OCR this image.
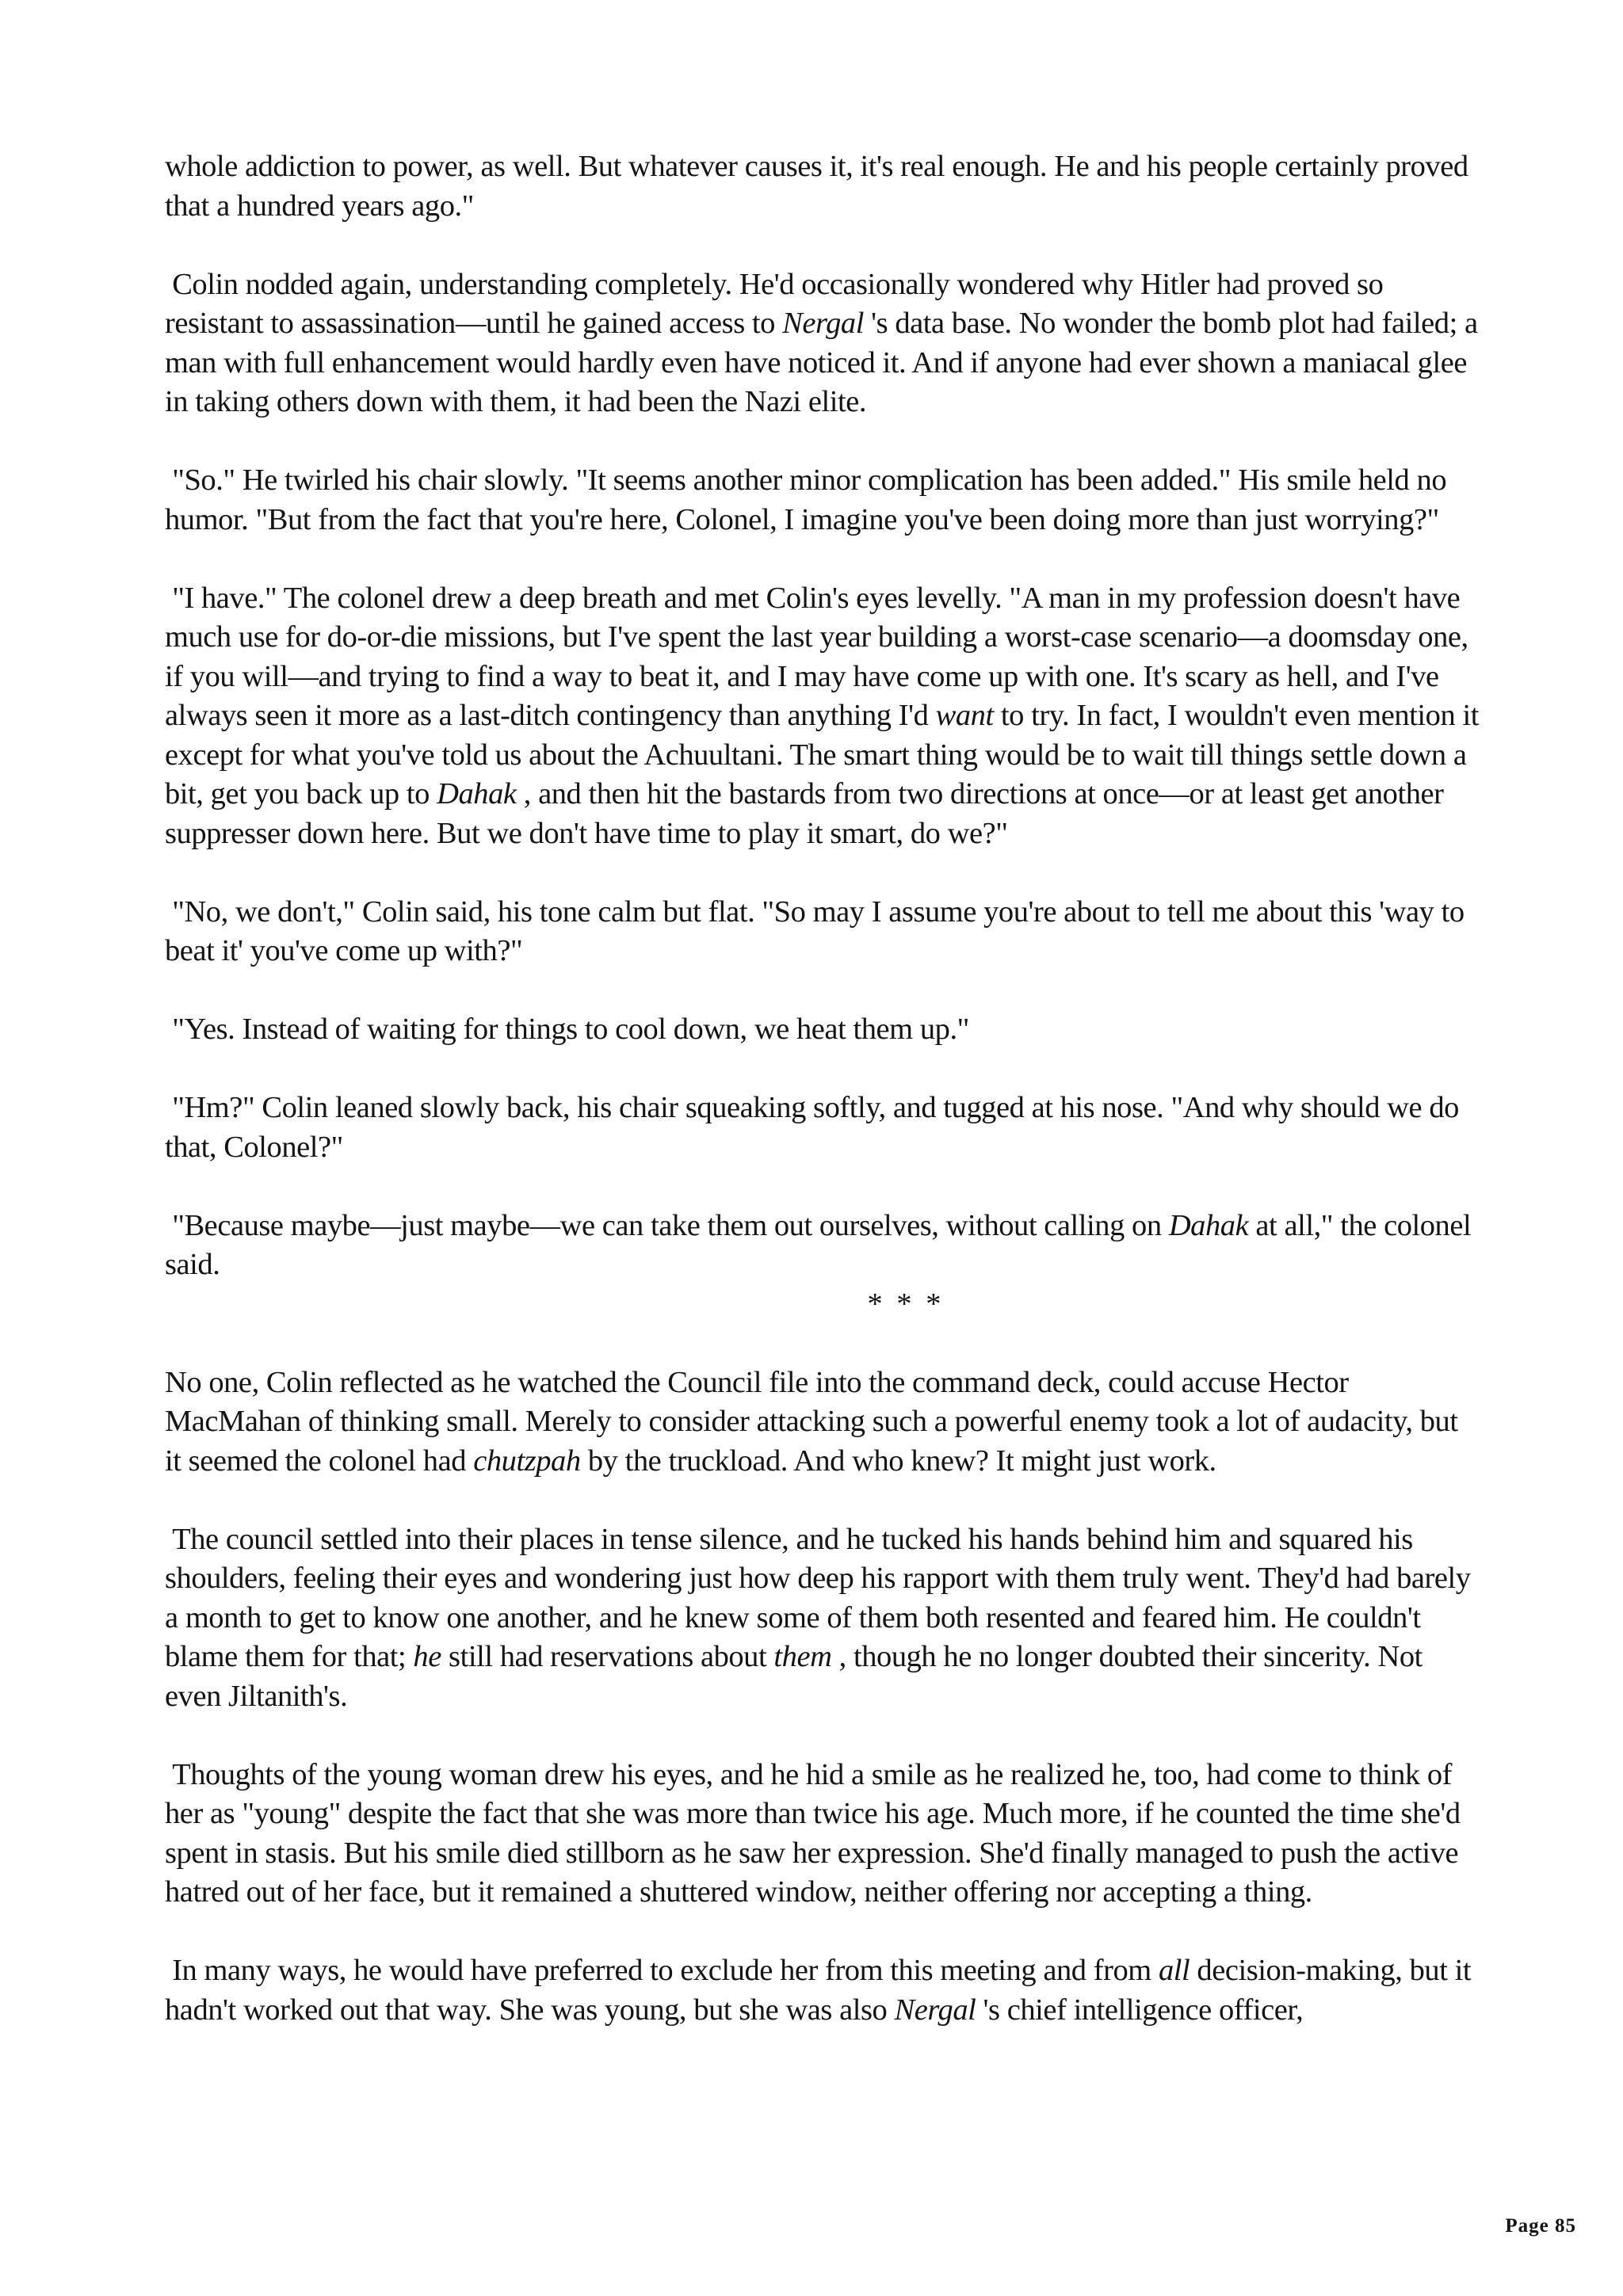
whole addiction to power, as well. But whatever causes it, it's real enough. He and his people certainly proved that a hundred years ago."

Colin nodded again, understanding completely. He'd occasionally wondered why Hitler had proved so resistant to assassination—until he gained access to Nergal 's data base. No wonder the bomb plot had failed; a man with full enhancement would hardly even have noticed it. And if anyone had ever shown a maniacal glee in taking others down with them, it had been the Nazi elite.

"So." He twirled his chair slowly. "It seems another minor complication has been added." His smile held no humor. "But from the fact that you're here, Colonel, I imagine you've been doing more than just worrying?"

"I have." The colonel drew a deep breath and met Colin's eyes levelly. "A man in my profession doesn't have much use for do-or-die missions, but I've spent the last year building a worst-case scenario—a doomsday one, if you will—and trying to find a way to beat it, and I may have come up with one. It's scary as hell, and I've always seen it more as a last-ditch contingency than anything I'd want to try. In fact, I wouldn't even mention it except for what you've told us about the Achuultani. The smart thing would be to wait till things settle down a bit, get you back up to Dahak , and then hit the bastards from two directions at once—or at least get another suppresser down here. But we don't have time to play it smart, do we?"

"No, we don't," Colin said, his tone calm but flat. "So may I assume you're about to tell me about this 'way to beat it' you've come up with?"

"Yes. Instead of waiting for things to cool down, we heat them up."

"Hm?" Colin leaned slowly back, his chair squeaking softly, and tugged at his nose. "And why should we do that, Colonel?"

"Because maybe—just maybe—we can take them out ourselves, without calling on Dahak at all," the colonel said.

* * *

No one, Colin reflected as he watched the Council file into the command deck, could accuse Hector MacMahan of thinking small. Merely to consider attacking such a powerful enemy took a lot of audacity, but it seemed the colonel had chutzpah by the truckload. And who knew? It might just work.

The council settled into their places in tense silence, and he tucked his hands behind him and squared his shoulders, feeling their eyes and wondering just how deep his rapport with them truly went. They'd had barely a month to get to know one another, and he knew some of them both resented and feared him. He couldn't blame them for that; he still had reservations about them , though he no longer doubted their sincerity. Not even Jiltanith's.

Thoughts of the young woman drew his eyes, and he hid a smile as he realized he, too, had come to think of her as "young" despite the fact that she was more than twice his age. Much more, if he counted the time she'd spent in stasis. But his smile died stillborn as he saw her expression. She'd finally managed to push the active hatred out of her face, but it remained a shuttered window, neither offering nor accepting a thing.

In many ways, he would have preferred to exclude her from this meeting and from all decision-making, but it hadn't worked out that way. She was young, but she was also Nergal 's chief intelligence officer,

Page 85
